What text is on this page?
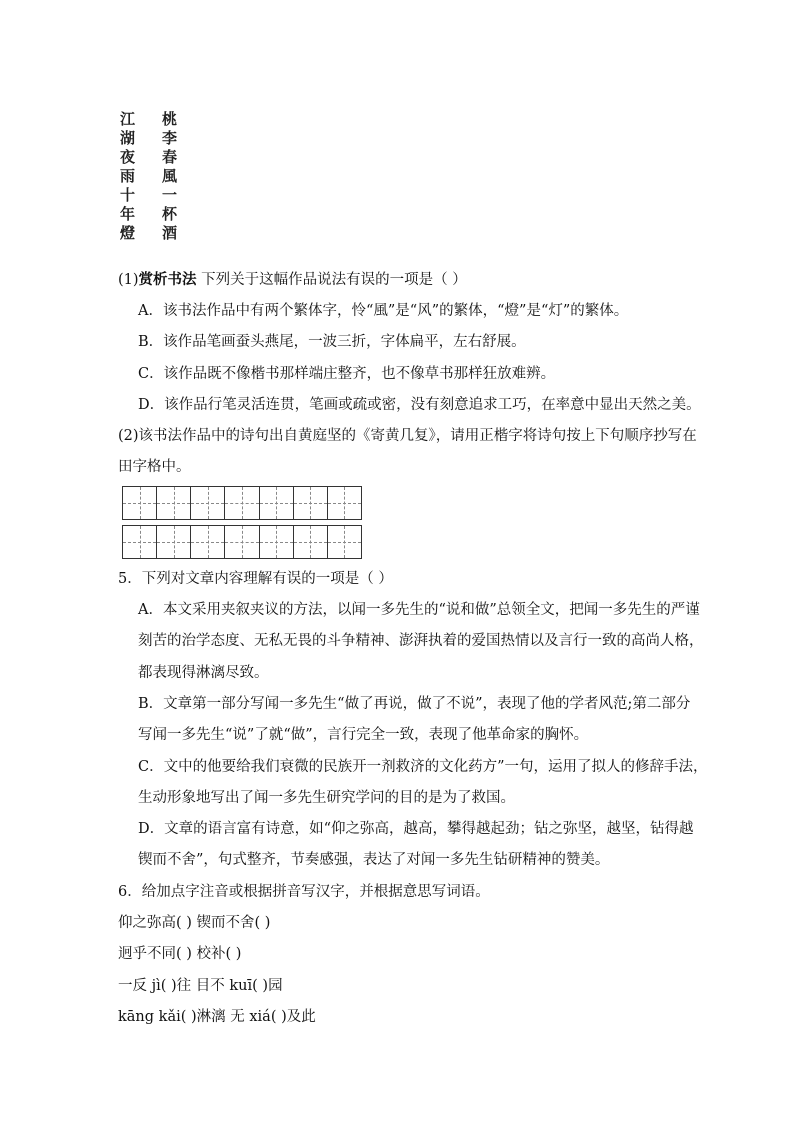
江
湖
夜
雨
十
年
燈
桃
李
春
風
一
杯
酒
(1)赏析书法 下列关于这幅作品说法有误的一项是（ ）
A．该书法作品中有两个繁体字，怜“風”是“风”的繁体，“燈”是“灯”的繁体。
B．该作品笔画蚕头燕尾，一波三折，字体扁平，左右舒展。
C．该作品既不像楷书那样端庄整齐，也不像草书那样狂放难辨。
D．该作品行笔灵活连贯，笔画或疏或密，没有刻意追求工巧，在率意中显出天然之美。
(2)该书法作品中的诗句出自黄庭坚的《寄黄几复》，请用正楷字将诗句按上下句顺序抄写在
田字格中。
5．下列对文章内容理解有误的一项是（ ）
A．本文采用夹叙夹议的方法，以闻一多先生的“说和做”总领全文，把闻一多先生的严谨
刻苦的治学态度、无私无畏的斗争精神、澎湃执着的爱国热情以及言行一致的高尚人格，
都表现得淋漓尽致。
B．文章第一部分写闻一多先生“做了再说，做了不说”，表现了他的学者风范;第二部分
写闻一多先生“说”了就“做”，言行完全一致，表现了他革命家的胸怀。
C．文中的他要给我们衰微的民族开一剂救济的文化药方”一句，运用了拟人的修辞手法，
生动形象地写出了闻一多先生研究学问的目的是为了救国。
D．文章的语言富有诗意，如“仰之弥高，越高，攀得越起劲；钻之弥坚，越坚，钻得越
锲而不舍”，句式整齐，节奏感强，表达了对闻一多先生钻研精神的赞美。
6．给加点字注音或根据拼音写汉字，并根据意思写词语。
仰之弥高( ) 锲而不舍( )
迥乎不同( ) 校补( )
一反 jì( )往 目不 kuī( )园
kāng kǎi( )淋漓 无 xiá( )及此
